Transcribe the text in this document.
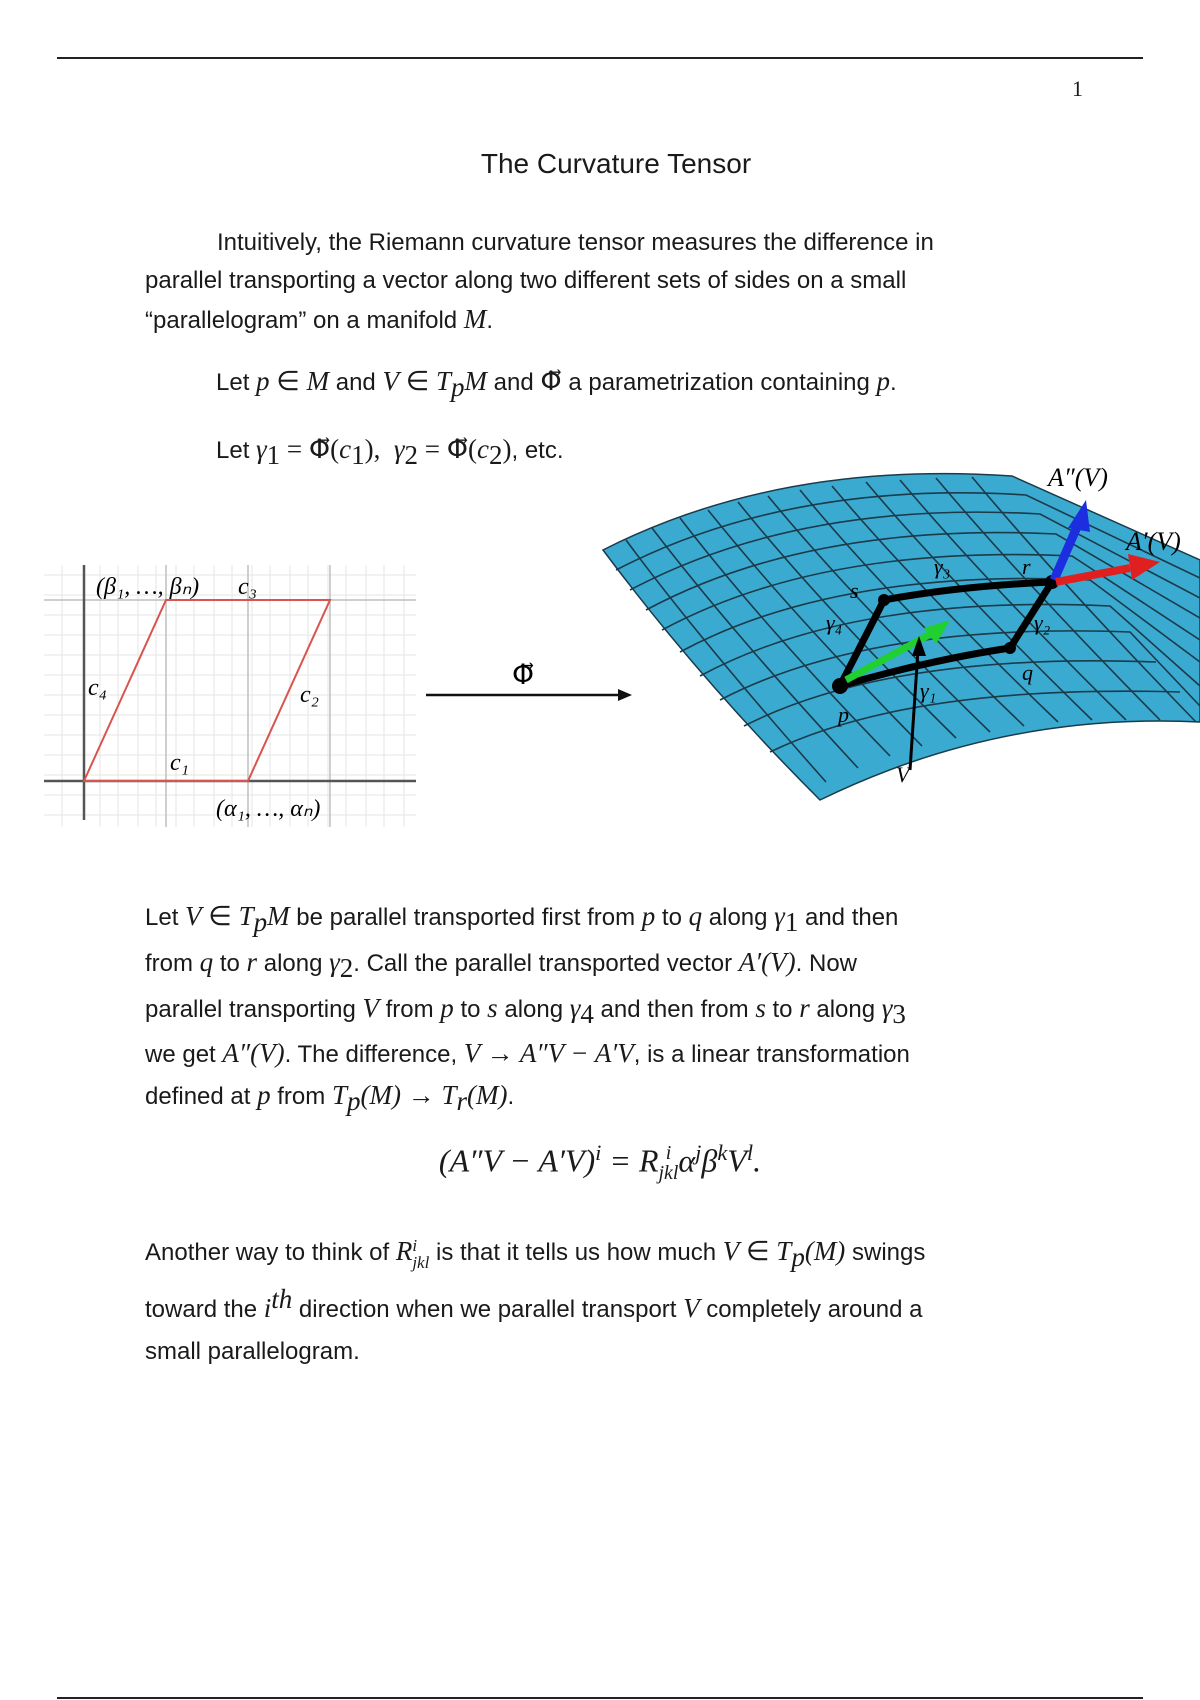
1
The Curvature Tensor
Intuitively, the Riemann curvature tensor measures the difference in
parallel transporting a vector along two different sets of sides on a small
“parallelogram” on a manifold M.
Let p ∈ M and V ∈ $T_pM$ and Φ⃗ a parametrization containing p.
Let $\gamma_1$ = $\Phi⃗(c_1)$,  $\gamma_2$ = $\Phi⃗(c_2)$, etc.
(β₁, …, βₙ) c₃
c₄	c₂
c₁
(α₁, …, αₙ)
Φ⃗
A″(V)
A′(V)
r
γ₃
s
γ₄	γ₂
q
γ₁
p
V
Let V ∈ $T_pM$ be parallel transported first from p to q along $\gamma_1$ and then
from q to r along $\gamma_2$. Call the parallel transported vector A′(V). Now
parallel transporting V from p to s along $\gamma_4$ and then from s to r along $\gamma_3$
we get A″(V). The difference, V → A″V − A′V, is a linear transformation
defined at p from $T_p(M) \to T_r(M)$.
$(A''V - A'V)^i = R$ i
jkl $\alpha^j\beta^kV^l$.
Another way to think of R i
jkl is that it tells us how much V ∈ $T_p(M)$ swings
toward the $i^{th}$ direction when we parallel transport V completely around a
small parallelogram.
